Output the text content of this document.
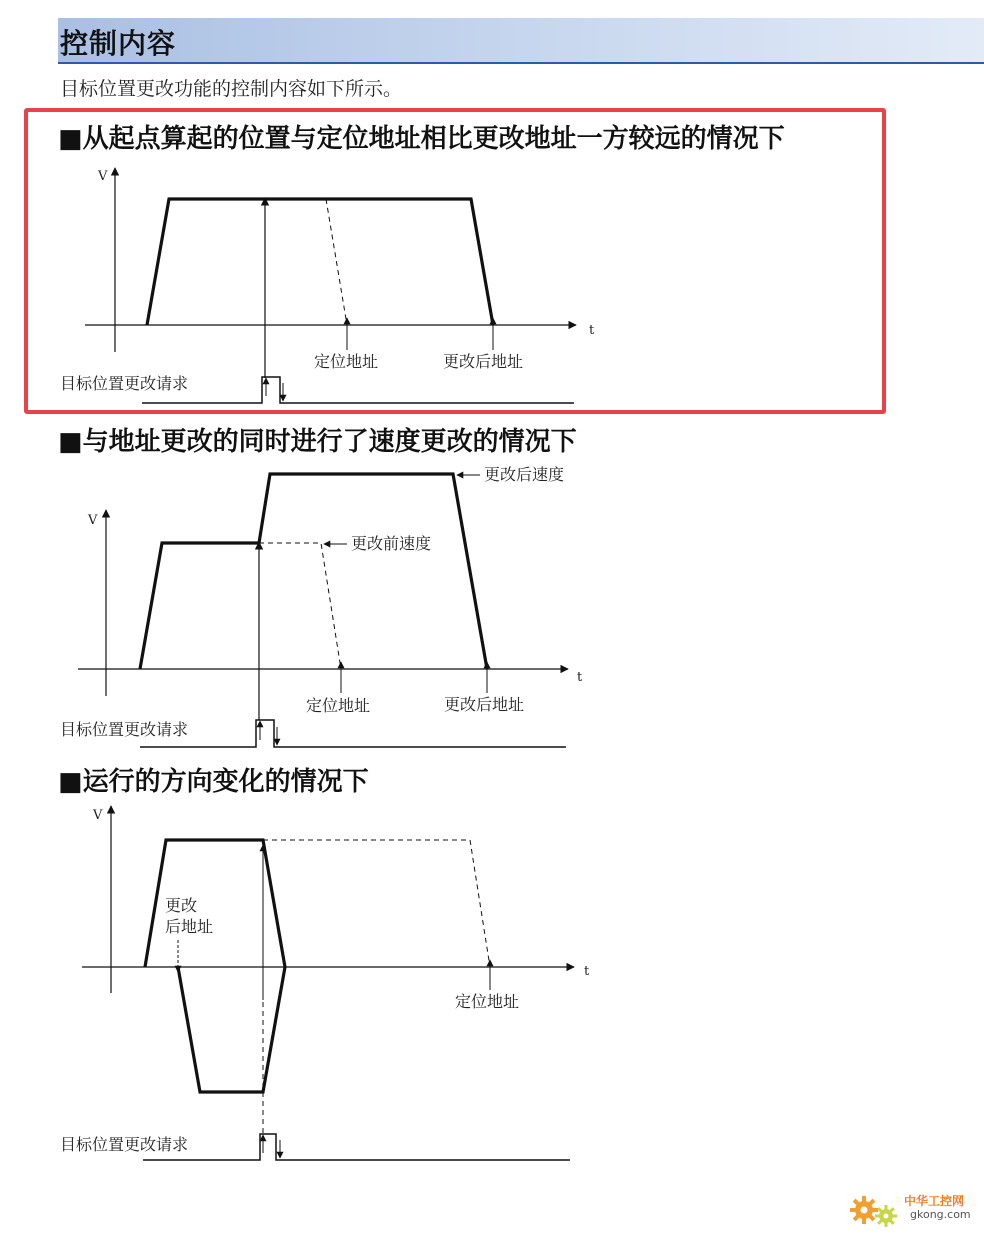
控制内容
目标位置更改功能的控制内容如下所示。
■从起点算起的位置与定位地址相比更改地址一方较远的情况下
■与地址更改的同时进行了速度更改的情况下
■运行的方向变化的情况下
V
t
定位地址	更改后地址
目标位置更改请求
V
t
更改后速度
更改前速度
定位地址	更改后地址
目标位置更改请求
V
t
更改
后地址
定位地址
目标位置更改请求
中华工控网
gkong.com
